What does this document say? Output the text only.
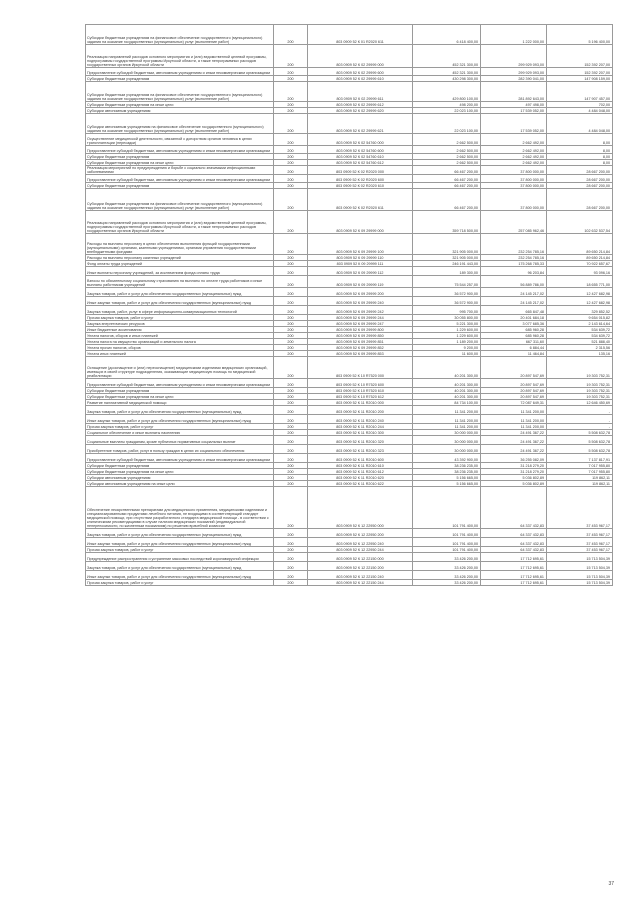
Субсидии бюджетным учреждениям на финансовое обеспечение государственного (муниципального) задания на оказание государственных (муниципальных) услуг (выполнение работ)	200	803 0909 52 К 01 R2020 611	6 418 400,00	1 222 000,00	5 196 400,00
Реализация направлений расходов основного мероприятия и (или) ведомственной целевой программы, подпрограммы государственной программы Иркутской области, а также непрограммных расходов государственных органов Иркутской области	200	803 0909 52 К 02 29999 000	452 321 300,00	299 929 093,00	152 392 207,00
Предоставление субсидий бюджетным, автономным учреждениям и иным некоммерческим организациям	200	803 0909 52 К 02 29999 600	452 321 300,00	299 929 093,00	152 392 207,00
Субсидии бюджетным учреждениям	200	803 0909 52 К 02 29999 610	430 298 300,00	282 390 041,00	147 908 159,00
Субсидии бюджетным учреждениям на финансовое обеспечение государственного (муниципального) задания на оказание государственных (муниципальных) услуг (выполнение работ)	200	803 0909 52 К 02 29999 611	429 800 100,00	281 892 643,00	147 907 457,00
Субсидии бюджетным учреждениям на иные цели	200	803 0909 52 К 02 29999 612	498 200,00	497 498,00	702,00
Субсидии автономным учреждениям	200	803 0909 52 К 02 29999 620	22 023 100,00	17 539 052,00	4 484 048,00
Субсидии автономным учреждениям на финансовое обеспечение государственного (муниципального) задания на оказание государственных (муниципальных) услуг (выполнение работ)	200	803 0909 52 К 02 29999 621	22 023 100,00	17 539 052,00	4 484 048,00
Осуществление медицинской деятельности, связанной с донорством органов человека в целях трансплантации (пересадки)	200	803 0909 52 К 02 54760 000	2 662 500,00	2 662 492,00	8,00
Предоставление субсидий бюджетным, автономным учреждениям и иным некоммерческим организациям	200	803 0909 52 К 02 54760 600	2 662 500,00	2 662 492,00	8,00
Субсидии бюджетным учреждениям	200	803 0909 52 К 02 54760 610	2 662 500,00	2 662 492,00	8,00
Субсидии бюджетным учреждениям на иные цели	200	803 0909 52 К 02 54760 612	2 662 500,00	2 662 492,00	8,00
Реализация мероприятий по предупреждению и борьбе с социально значимыми инфекционными заболеваниями	200	803 0909 52 К 02 R2020 000	66 467 200,00	37 800 000,00	28 667 200,00
Предоставление субсидий бюджетным, автономным учреждениям и иным некоммерческим организациям	200	803 0909 52 К 02 R2020 600	66 467 200,00	37 800 000,00	28 667 200,00
Субсидии бюджетным учреждениям	200	803 0909 52 К 02 R2020 610	66 467 200,00	37 800 000,00	28 667 200,00
Субсидии бюджетным учреждениям на финансовое обеспечение государственного (муниципального) задания на оказание государственных (муниципальных) услуг (выполнение работ)	200	803 0909 52 К 02 R2020 611	66 467 200,00	37 800 000,00	28 667 200,00
Реализация направлений расходов основного мероприятия и (или) ведомственной целевой программы, подпрограммы государственной программы Иркутской области, а также непрограммных расходов государственных органов Иркутской области	200	803 0909 52 К 09 29999 000	359 718 500,00	257 085 962,46	102 632 537,54
Расходы на выплаты персоналу в целях обеспечения выполнения функций государственными (муниципальными) органами, казенными учреждениями, органами управления государственными внебюджетными фондами	200	803 0909 52 К 09 29999 100	321 905 000,00	232 254 785,16	89 650 214,84
Расходы на выплаты персоналу казенных учреждений	200	803 0909 52 К 09 29999 110	321 905 000,00	232 254 785,16	89 650 214,84
Фонд оплаты труда учреждений	200	803 0909 52 К 09 29999 111	246 191 443,00	175 268 785,33	70 922 657,67
Иные выплаты персоналу учреждений, за исключением фонда оплаты труда	200	803 0909 52 К 09 29999 112	189 300,00	96 203,84	93 096,16
Взносы по обязательному социальному страхованию на выплаты по оплате труда работников и иные выплаты работникам учреждений	200	803 0909 52 К 09 29999 119	75 544 257,00	56 889 786,00	18 655 771,00
Закупка товаров, работ и услуг для обеспечения государственных (муниципальных) нужд	200	803 0909 52 К 09 29999 200	36 572 900,00	24 145 217,02	12 427 682,98
Иные закупки товаров, работ и услуг для обеспечения государственных (муниципальных) нужд	200	803 0909 52 К 09 29999 240	36 572 900,00	24 145 217,02	12 427 682,98
Закупка товаров, работ, услуг в сфере информационно-коммуникационных технологий	200	803 0909 52 К 09 29999 242	995 700,00	665 847,48	329 852,52
Прочая закупка товаров, работ и услуг	200	803 0909 52 К 09 29999 244	30 055 800,00	20 401 684,18	9 654 015,82
Закупка энергетических ресурсов	200	803 0909 52 К 09 29999 247	5 221 300,00	3 077 685,36	2 143 614,64
Иные бюджетные ассигнования	200	803 0909 52 К 09 29999 800	1 229 600,00	685 960,28	534 639,72
Уплата налогов, сборов и иных платежей	200	803 0909 52 К 09 29999 850	1 229 600,00	685 960,28	534 639,72
Уплата налога на имущество организаций и земельного налога	200	803 0909 52 К 09 29999 851	1 189 200,00	667 311,60	521 888,40
Уплата прочих налогов, сборов	200	803 0909 52 К 09 29999 852	9 200,00	6 884,44	2 315,56
Уплата иных платежей	200	803 0909 52 К 09 29999 853	11 600,00	11 464,84	135,16
Оснащение (дооснащение и (или) переоснащение) медицинскими изделиями медицинских организаций, имеющих в своей структуре подразделения, оказывающие медицинскую помощь по медицинской реабилитации	200	803 0909 52 К 10 R7520 000	40 201 300,00	20 897 547,69	19 303 752,31
Предоставление субсидий бюджетным, автономным учреждениям и иным некоммерческим организациям	200	803 0909 52 К 10 R7520 600	40 201 300,00	20 897 547,69	19 303 752,31
Субсидии бюджетным учреждениям	200	803 0909 52 К 10 R7520 610	40 201 300,00	20 897 547,69	19 303 752,31
Субсидии бюджетным учреждениям на иные цели	200	803 0909 52 К 10 R7520 612	40 201 300,00	20 897 547,69	19 303 752,31
Развитие паллиативной медицинской помощи	200	803 0909 52 К 11 R2010 000	84 734 100,00	72 087 649,31	12 646 450,69
Закупка товаров, работ и услуг для обеспечения государственных (муниципальных) нужд	200	803 0909 52 К 11 R2010 200	11 341 200,00	11 341 200,00	-
Иные закупки товаров, работ и услуг для обеспечения государственных (муниципальных) нужд	200	803 0909 52 К 11 R2010 240	11 341 200,00	11 341 200,00	-
Прочая закупка товаров, работ и услуг	200	803 0909 52 К 11 R2010 244	11 341 200,00	11 341 200,00	-
Социальное обеспечение и иные выплаты населению	200	803 0909 52 К 11 R2010 300	30 000 000,00	24 491 367,22	5 508 632,78
Социальные выплаты гражданам, кроме публичных нормативных социальных выплат	200	803 0909 52 К 11 R2010 320	30 000 000,00	24 491 367,22	5 508 632,78
Приобретение товаров, работ, услуг в пользу граждан в целях их социального обеспечения	200	803 0909 52 К 11 R2010 323	30 000 000,00	24 491 367,22	5 508 632,78
Предоставление субсидий бюджетным, автономным учреждениям и иным некоммерческим организациям	200	803 0909 52 К 11 R2010 600	43 392 900,00	36 255 082,09	7 137 817,91
Субсидии бюджетным учреждениям	200	803 0909 52 К 11 R2010 610	38 236 235,00	31 218 279,20	7 017 955,80
Субсидии бюджетным учреждениям на иные цели	200	803 0909 52 К 11 R2010 612	38 236 235,00	31 218 279,20	7 017 955,80
Субсидии автономным учреждениям	200	803 0909 52 К 11 R2010 620	5 156 665,00	5 036 802,89	119 862,11
Субсидии автономным учреждениям на иные цели	200	803 0909 52 К 11 R2010 622	5 156 665,00	5 036 802,89	119 862,11
Обеспечение лекарственными препаратами для медицинского применения, медицинскими изделиями и специализированными продуктами лечебного питания, не входящими в соответствующий стандарт медицинской помощи, при отсутствии разработанного стандарта медицинской помощи - в соответствии с клиническими рекомендациями в случае наличия медицинских показаний (индивидуальной непереносимости, по жизненным показаниям) по решению врачебной комиссии	200	803 0909 52 К 12 22950 000	101 791 400,00	64 337 432,83	37 453 967,17
Закупка товаров, работ и услуг для обеспечения государственных (муниципальных) нужд	200	803 0909 52 К 12 22950 200	101 791 400,00	64 337 432,83	37 453 967,17
Иные закупки товаров, работ и услуг для обеспечения государственных (муниципальных) нужд	200	803 0909 52 К 12 22950 240	101 791 400,00	64 337 432,83	37 453 967,17
Прочая закупка товаров, работ и услуг	200	803 0909 52 К 12 22950 244	101 791 400,00	64 337 432,83	37 453 967,17
Предупреждение распространения и устранение массовых последствий коронавирусной инфекции	200	803 0909 52 К 12 22150 000	33 426 200,00	17 712 695,61	15 713 504,39
Закупка товаров, работ и услуг для обеспечения государственных (муниципальных) нужд	200	803 0909 52 К 12 22150 200	33 426 200,00	17 712 695,61	15 713 504,39
Иные закупки товаров, работ и услуг для обеспечения государственных (муниципальных) нужд	200	803 0909 52 К 12 22150 240	33 426 200,00	17 712 695,61	15 713 504,39
Прочая закупка товаров, работ и услуг	200	803 0909 52 К 12 22150 244	33 426 200,00	17 712 695,61	15 713 504,39
37
